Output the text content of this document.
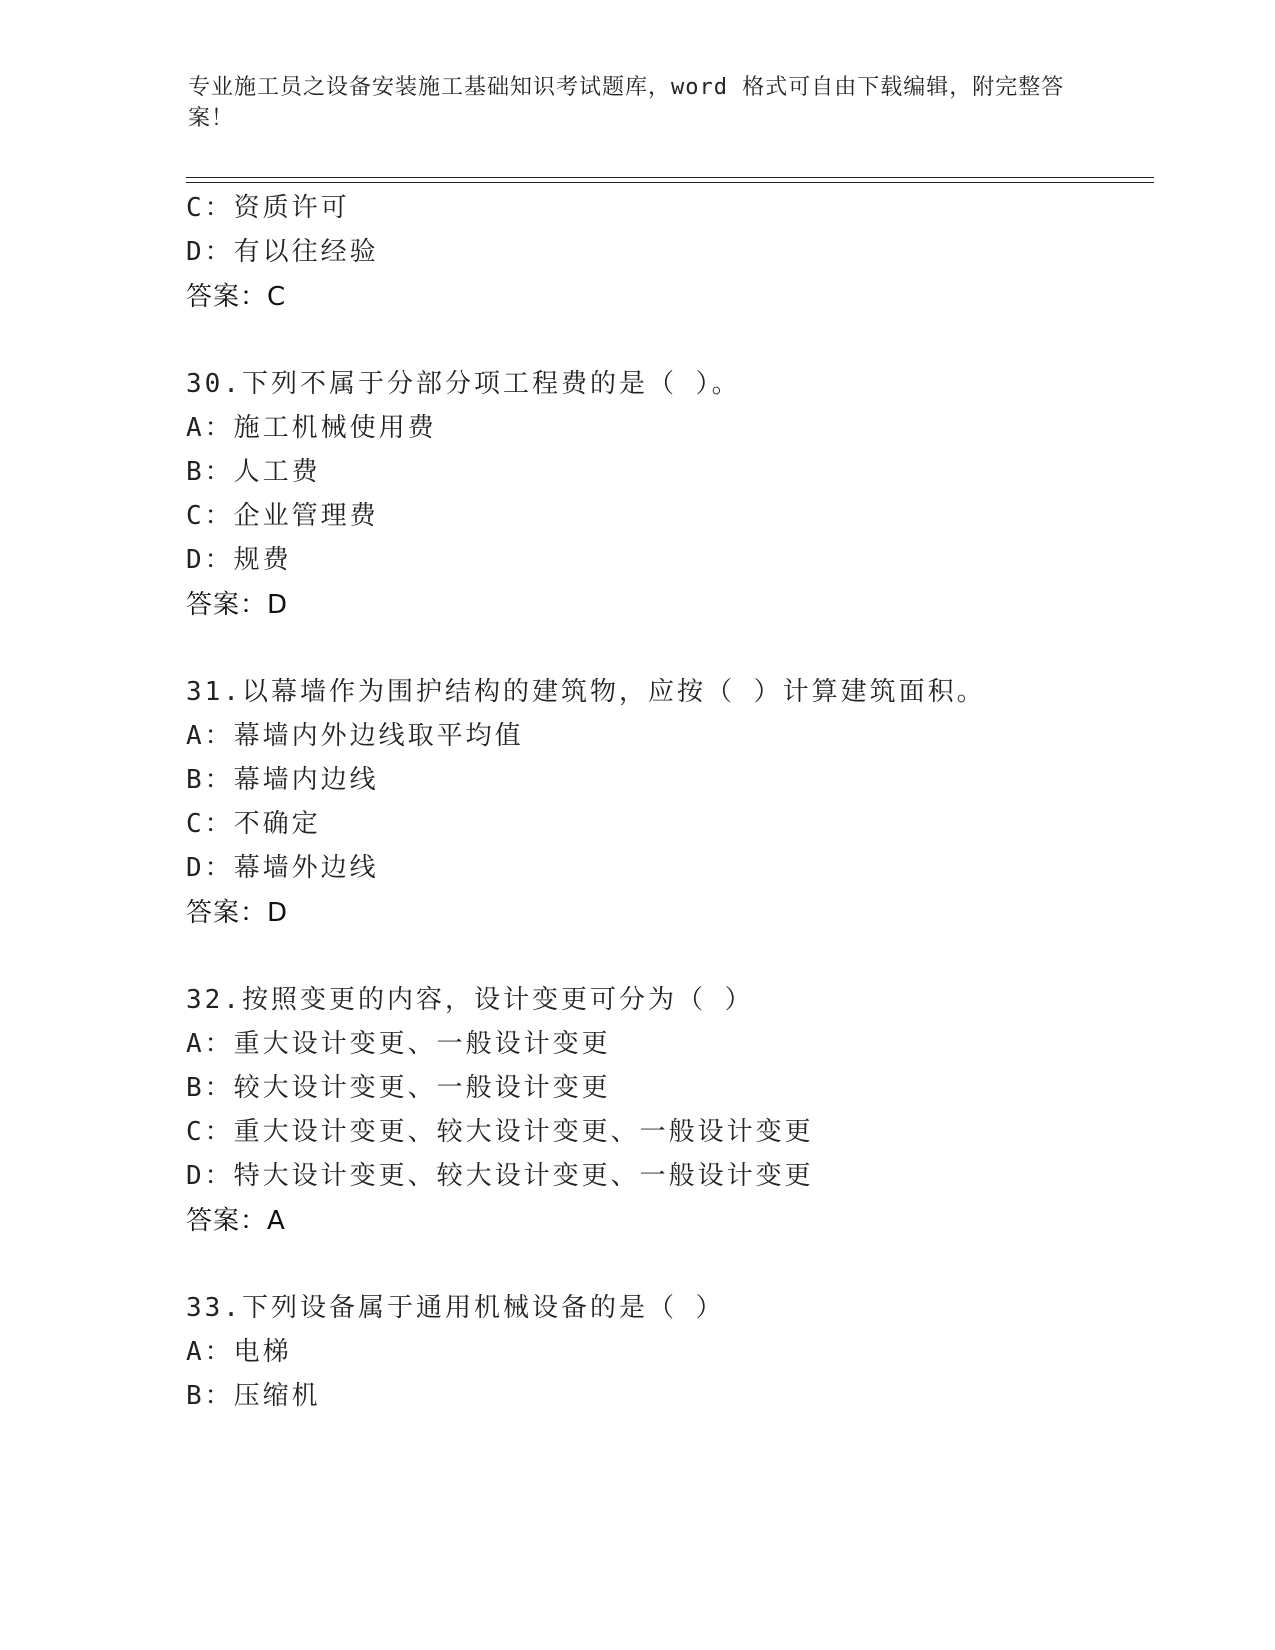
专业施工员之设备安装施工基础知识考试题库，word 格式可自由下载编辑，附完整答案！
C：资质许可
D：有以往经验
答案：C
30.下列不属于分部分项工程费的是（ ）。
A：施工机械使用费
B：人工费
C：企业管理费
D：规费
答案：D
31.以幕墙作为围护结构的建筑物，应按（ ）计算建筑面积。
A：幕墙内外边线取平均值
B：幕墙内边线
C：不确定
D：幕墙外边线
答案：D
32.按照变更的内容，设计变更可分为（ ）
A：重大设计变更、一般设计变更
B：较大设计变更、一般设计变更
C：重大设计变更、较大设计变更、一般设计变更
D：特大设计变更、较大设计变更、一般设计变更
答案：A
33.下列设备属于通用机械设备的是（ ）
A：电梯
B：压缩机
